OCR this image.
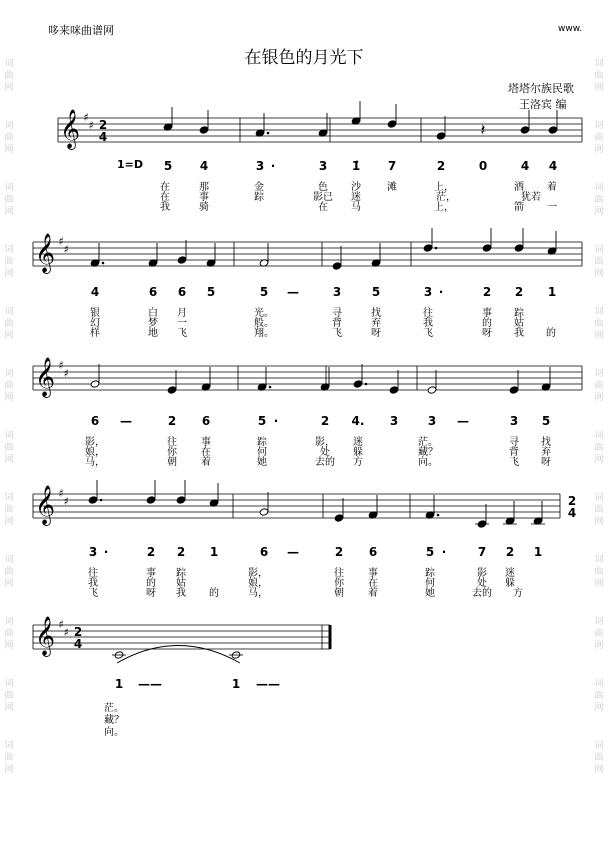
词
曲
网
词
曲
网
词
曲
网
词
曲
网
词
曲
网
词
曲
网
词
曲
网
词
曲
网
词
曲
网
词
曲
网
词
曲
网
词
曲
网
词
曲
网
词
曲
网
词
曲
网
词
曲
网
词
曲
网
词
曲
网
词
曲
网
词
曲
网
词
曲
网
词
曲
网
词
曲
网
词
曲
网
哆来咪曲谱网	www.
在银色的月光下
塔塔尔族民歌
王洛宾 编
1=D
𝄞 ♯
♯ 2
4	𝄽
5 4	3 ·	3 1̇ 7	2	0	4 4
在	那	金	色 沙	滩	上，	洒 着
在	事	踪	影已 迷	茫，	犹若
我	骑	在 马	上，	箭 一
𝄞 ♯
♯
4	6 6 5	5 —	3	5	3 ·	2 2 1
银	白 月	光。	寻	找	往	事 踪
幻	梦 一	般。	背	弃	我	的 姑
样	地 飞	翔。	飞	呀	飞	呀 我 的
𝄞 ♯
♯
6 —	2 6	5 ·	2 4. 3 3 —	3 5
影，	往 事	踪	影， 迷	茫。	寻 找
娘，	你 在	何	处 躲	藏？	背 弃
马，	朝 着	她	去的 方	向。	飞 呀
𝄞 ♯
♯	2
4
3 ·	2 2 1	6 —	2 6	5 ·	7 2 1
往	事 踪	影，	往 事	踪	影 迷
我	的 姑	娘，	你 在	何	处 躲
飞	呀 我 的	马，	朝 着	她	去的 方
𝄞 ♯
♯ 2
4
1 ——	1 ——
茫。
藏？
向。
